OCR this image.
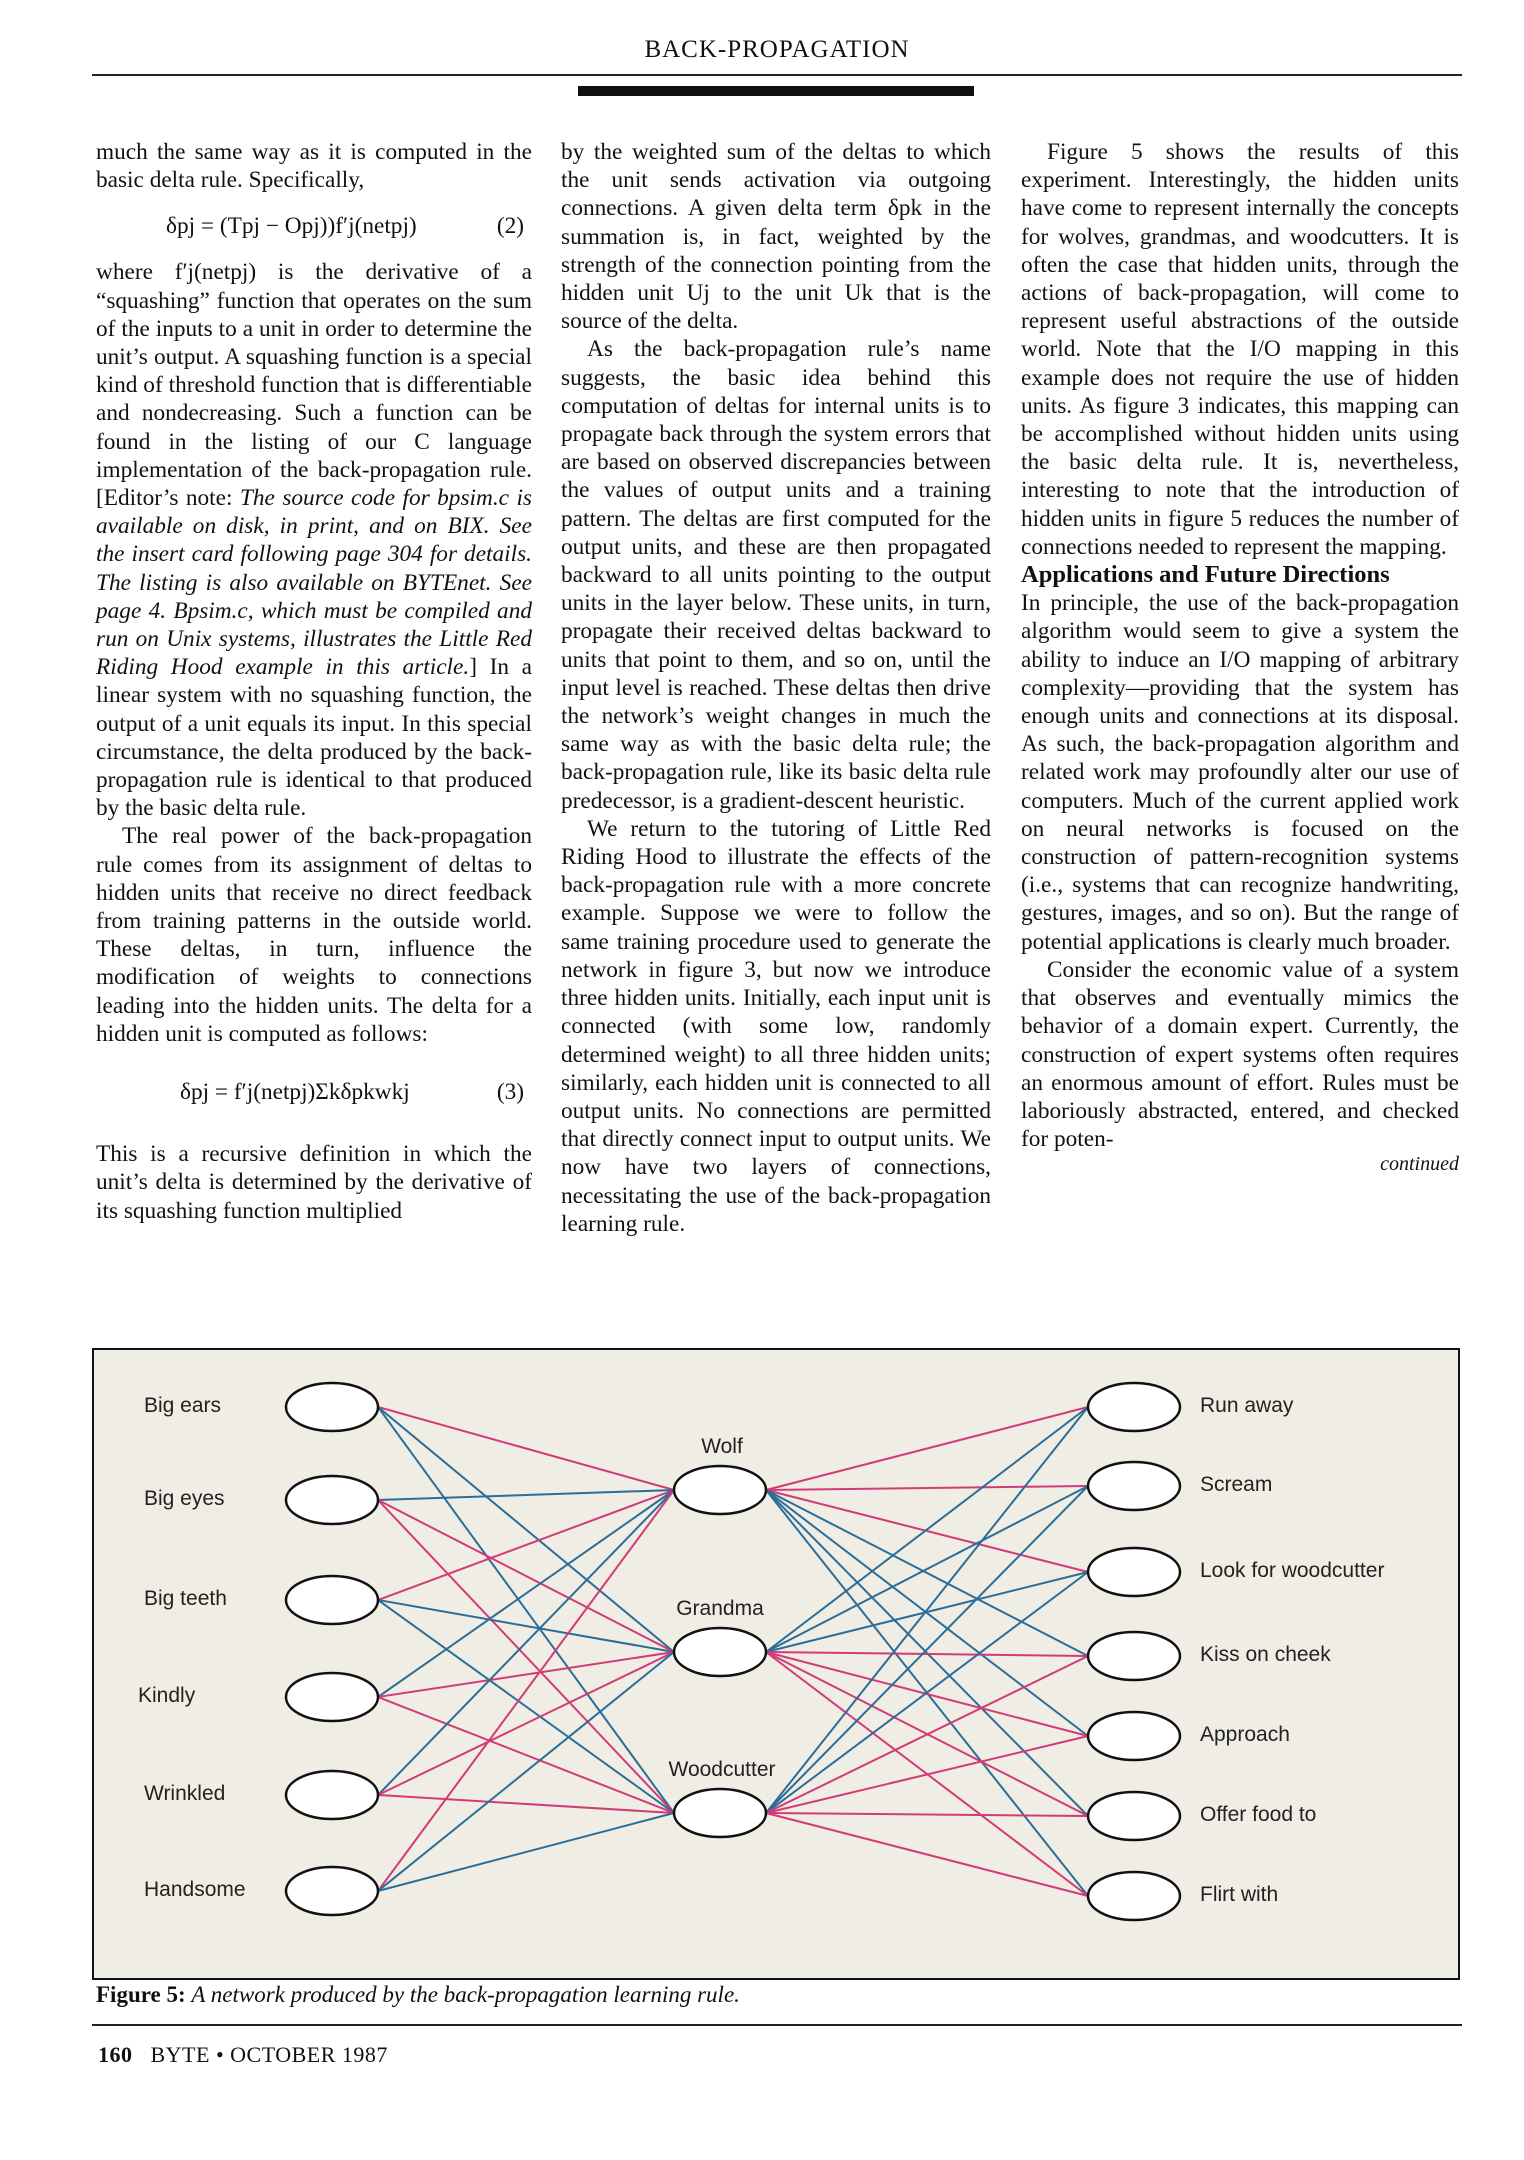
BACK-PROPAGATION

much the same way as it is computed in the basic delta rule. Specifically,

δpj = (Tpj − Opj))f′j(netpj)	(2)

where f′j(netpj) is the derivative of a “squashing” function that operates on the sum of the inputs to a unit in order to determine the unit’s output. A squashing function is a special kind of threshold function that is differentiable and nondecreasing. Such a function can be found in the listing of our C language implementation of the back-propagation rule. [Editor’s note: The source code for bpsim.c is available on disk, in print, and on BIX. See the insert card following page 304 for details. The listing is also available on BYTEnet. See page 4. Bpsim.c, which must be compiled and run on Unix systems, illustrates the Little Red Riding Hood example in this article.] In a linear system with no squashing function, the output of a unit equals its input. In this special circumstance, the delta produced by the back-propagation rule is identical to that produced by the basic delta rule.

The real power of the back-propagation rule comes from its assignment of deltas to hidden units that receive no direct feedback from training patterns in the outside world. These deltas, in turn, influence the modification of weights to connections leading into the hidden units. The delta for a hidden unit is computed as follows:

δpj = f′j(netpj)Σkδpkwkj	(3)

This is a recursive definition in which the unit’s delta is determined by the derivative of its squashing function multiplied

by the weighted sum of the deltas to which the unit sends activation via outgoing connections. A given delta term δpk in the summation is, in fact, weighted by the strength of the connection pointing from the hidden unit Uj to the unit Uk that is the source of the delta.

As the back-propagation rule’s name suggests, the basic idea behind this computation of deltas for internal units is to propagate back through the system errors that are based on observed discrepancies between the values of output units and a training pattern. The deltas are first computed for the output units, and these are then propagated backward to all units pointing to the output units in the layer below. These units, in turn, propagate their received deltas backward to units that point to them, and so on, until the input level is reached. These deltas then drive the network’s weight changes in much the same way as with the basic delta rule; the back-propagation rule, like its basic delta rule predecessor, is a gradient-descent heuristic.

We return to the tutoring of Little Red Riding Hood to illustrate the effects of the back-propagation rule with a more concrete example. Suppose we were to follow the same training procedure used to generate the network in figure 3, but now we introduce three hidden units. Initially, each input unit is connected (with some low, randomly determined weight) to all three hidden units; similarly, each hidden unit is connected to all output units. No connections are permitted that directly connect input to output units. We now have two layers of connections, necessitating the use of the back-propagation learning rule.

Figure 5 shows the results of this experiment. Interestingly, the hidden units have come to represent internally the concepts for wolves, grandmas, and woodcutters. It is often the case that hidden units, through the actions of back-propagation, will come to represent useful abstractions of the outside world. Note that the I/O mapping in this example does not require the use of hidden units. As figure 3 indicates, this mapping can be accomplished without hidden units using the basic delta rule. It is, nevertheless, interesting to note that the introduction of hidden units in figure 5 reduces the number of connections needed to represent the mapping.

Applications and Future Directions

In principle, the use of the back-propagation algorithm would seem to give a system the ability to induce an I/O mapping of arbitrary complexity—providing that the system has enough units and connections at its disposal. As such, the back-propagation algorithm and related work may profoundly alter our use of computers. Much of the current applied work on neural networks is focused on the construction of pattern-recognition systems (i.e., systems that can recognize handwriting, gestures, images, and so on). But the range of potential applications is clearly much broader.

Consider the economic value of a system that observes and eventually mimics the behavior of a domain expert. Currently, the construction of expert systems often requires an enormous amount of effort. Rules must be laboriously abstracted, entered, and checked for poten-

continued

Big ears
Big eyes
Big teeth
Kindly
Wrinkled
Handsome
Wolf
Grandma
Woodcutter
Run away
Scream
Look for woodcutter
Kiss on cheek
Approach
Offer food to
Flirt with
Figure 5: A network produced by the back-propagation learning rule.
160 BYTE • OCTOBER 1987
